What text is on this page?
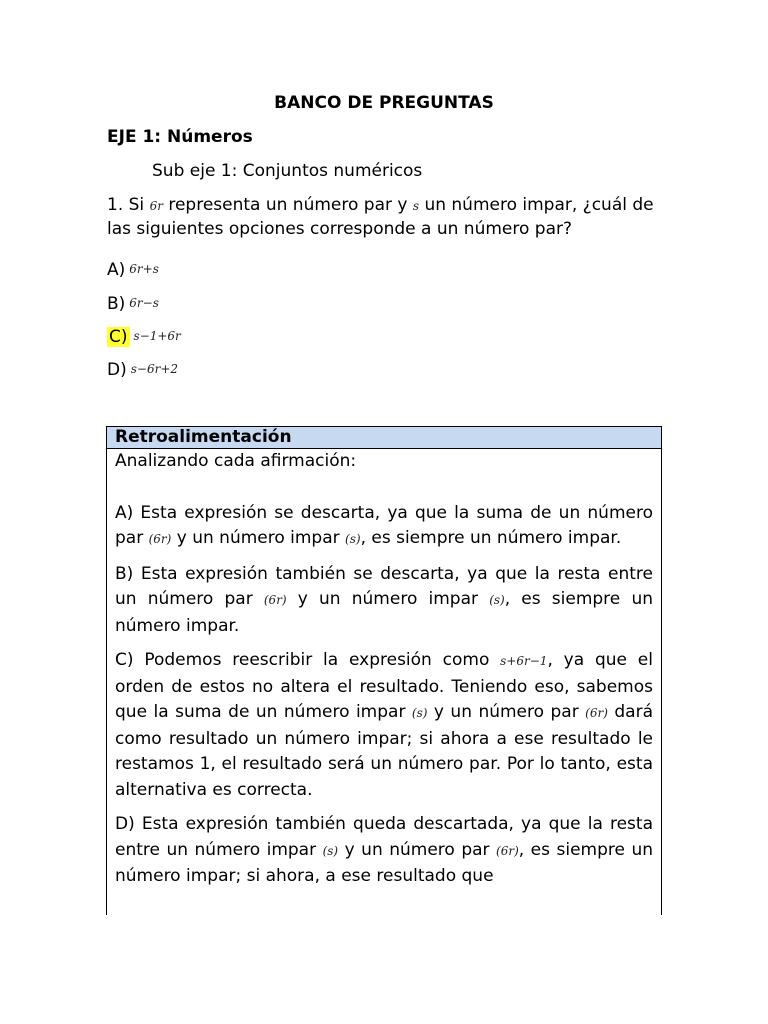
BANCO DE PREGUNTAS
EJE 1: Números
Sub eje 1: Conjuntos numéricos
1. Si 6r representa un número par y s un número impar, ¿cuál de las siguientes opciones corresponde a un número par?
A) 6r+s
B) 6r−s
C) s−1+6r
D) s−6r+2
Retroalimentación

Analizando cada afirmación:

A) Esta expresión se descarta, ya que la suma de un número par (6r) y un número impar (s), es siempre un número impar.

B) Esta expresión también se descarta, ya que la resta entre un número par (6r) y un número impar (s), es siempre un número impar.

C) Podemos reescribir la expresión como s+6r−1, ya que el orden de estos no altera el resultado. Teniendo eso, sabemos que la suma de un número impar (s) y un número par (6r) dará como resultado un número impar; si ahora a ese resultado le restamos 1, el resultado será un número par. Por lo tanto, esta alternativa es correcta.

D) Esta expresión también queda descartada, ya que la resta entre un número impar (s) y un número par (6r), es siempre un número impar; si ahora, a ese resultado que
